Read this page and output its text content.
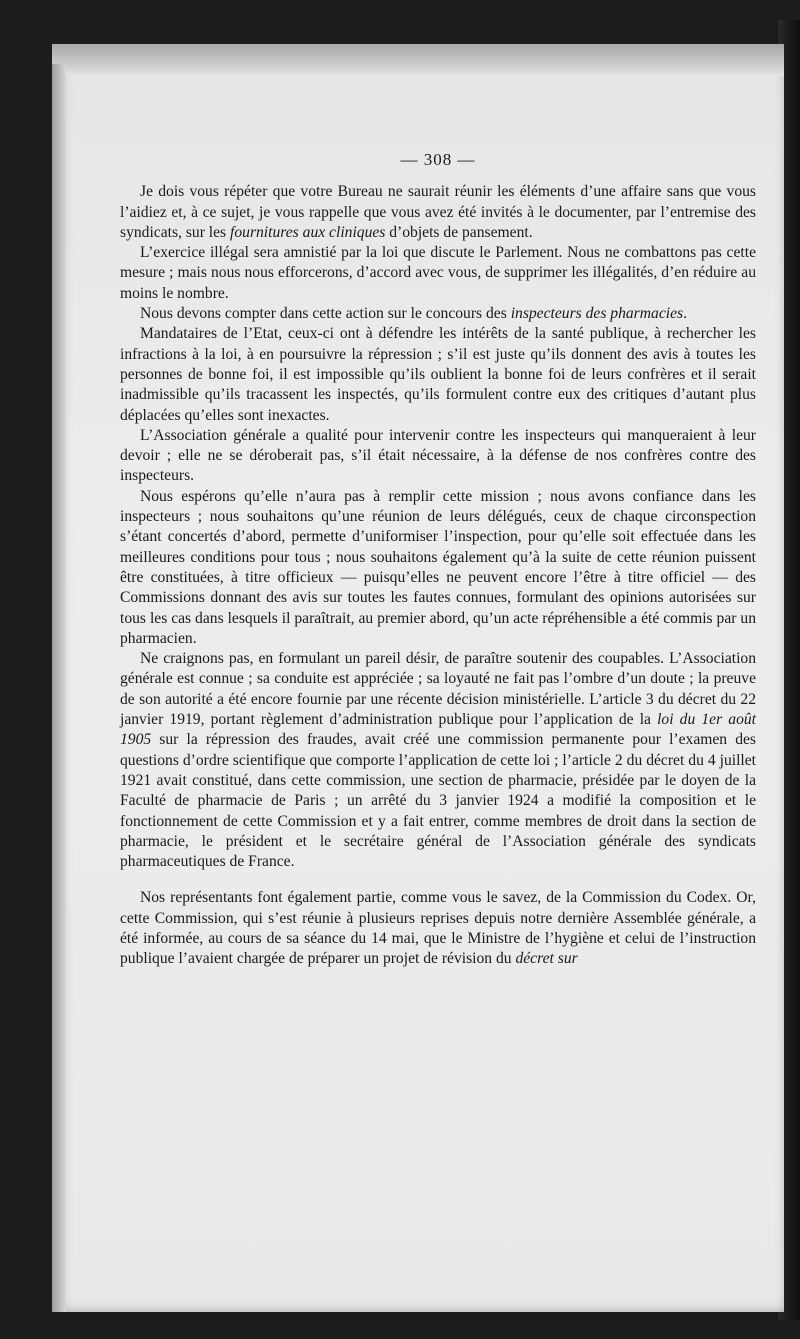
— 308 —

Je dois vous répéter que votre Bureau ne saurait réunir les éléments d’une affaire sans que vous l’aidiez et, à ce sujet, je vous rappelle que vous avez été invités à le documenter, par l’entremise des syndicats, sur les fournitures aux cliniques d’objets de pansement.

L’exercice illégal sera amnistié par la loi que discute le Parlement. Nous ne combattons pas cette mesure ; mais nous nous efforcerons, d’accord avec vous, de supprimer les illégalités, d’en réduire au moins le nombre.

Nous devons compter dans cette action sur le concours des inspecteurs des pharmacies.

Mandataires de l’Etat, ceux-ci ont à défendre les intérêts de la santé publique, à rechercher les infractions à la loi, à en poursuivre la répression ; s’il est juste qu’ils donnent des avis à toutes les personnes de bonne foi, il est impossible qu’ils oublient la bonne foi de leurs confrères et il serait inadmissible qu’ils tracassent les inspectés, qu’ils formulent contre eux des critiques d’autant plus déplacées qu’elles sont inexactes.

L’Association générale a qualité pour intervenir contre les inspecteurs qui manqueraient à leur devoir ; elle ne se déroberait pas, s’il était nécessaire, à la défense de nos confrères contre des inspecteurs.

Nous espérons qu’elle n’aura pas à remplir cette mission ; nous avons confiance dans les inspecteurs ; nous souhaitons qu’une réunion de leurs délégués, ceux de chaque circonspection s’étant concertés d’abord, permette d’uniformiser l’inspection, pour qu’elle soit effectuée dans les meilleures conditions pour tous ; nous souhaitons également qu’à la suite de cette réunion puissent être constituées, à titre officieux — puisqu’elles ne peuvent encore l’être à titre officiel — des Commissions donnant des avis sur toutes les fautes connues, formulant des opinions autorisées sur tous les cas dans lesquels il paraîtrait, au premier abord, qu’un acte répréhensible a été commis par un pharmacien.

Ne craignons pas, en formulant un pareil désir, de paraître soutenir des coupables. L’Association générale est connue ; sa conduite est appréciée ; sa loyauté ne fait pas l’ombre d’un doute ; la preuve de son autorité a été encore fournie par une récente décision ministérielle. L’article 3 du décret du 22 janvier 1919, portant règlement d’administration publique pour l’application de la loi du 1er août 1905 sur la répression des fraudes, avait créé une commission permanente pour l’examen des questions d’ordre scientifique que comporte l’application de cette loi ; l’article 2 du décret du 4 juillet 1921 avait constitué, dans cette commission, une section de pharmacie, présidée par le doyen de la Faculté de pharmacie de Paris ; un arrêté du 3 janvier 1924 a modifié la composition et le fonctionnement de cette Commission et y a fait entrer, comme membres de droit dans la section de pharmacie, le président et le secrétaire général de l’Association générale des syndicats pharmaceutiques de France.

Nos représentants font également partie, comme vous le savez, de la Commission du Codex. Or, cette Commission, qui s’est réunie à plusieurs reprises depuis notre dernière Assemblée générale, a été informée, au cours de sa séance du 14 mai, que le Ministre de l’hygiène et celui de l’instruction publique l’avaient chargée de préparer un projet de révision du décret sur
